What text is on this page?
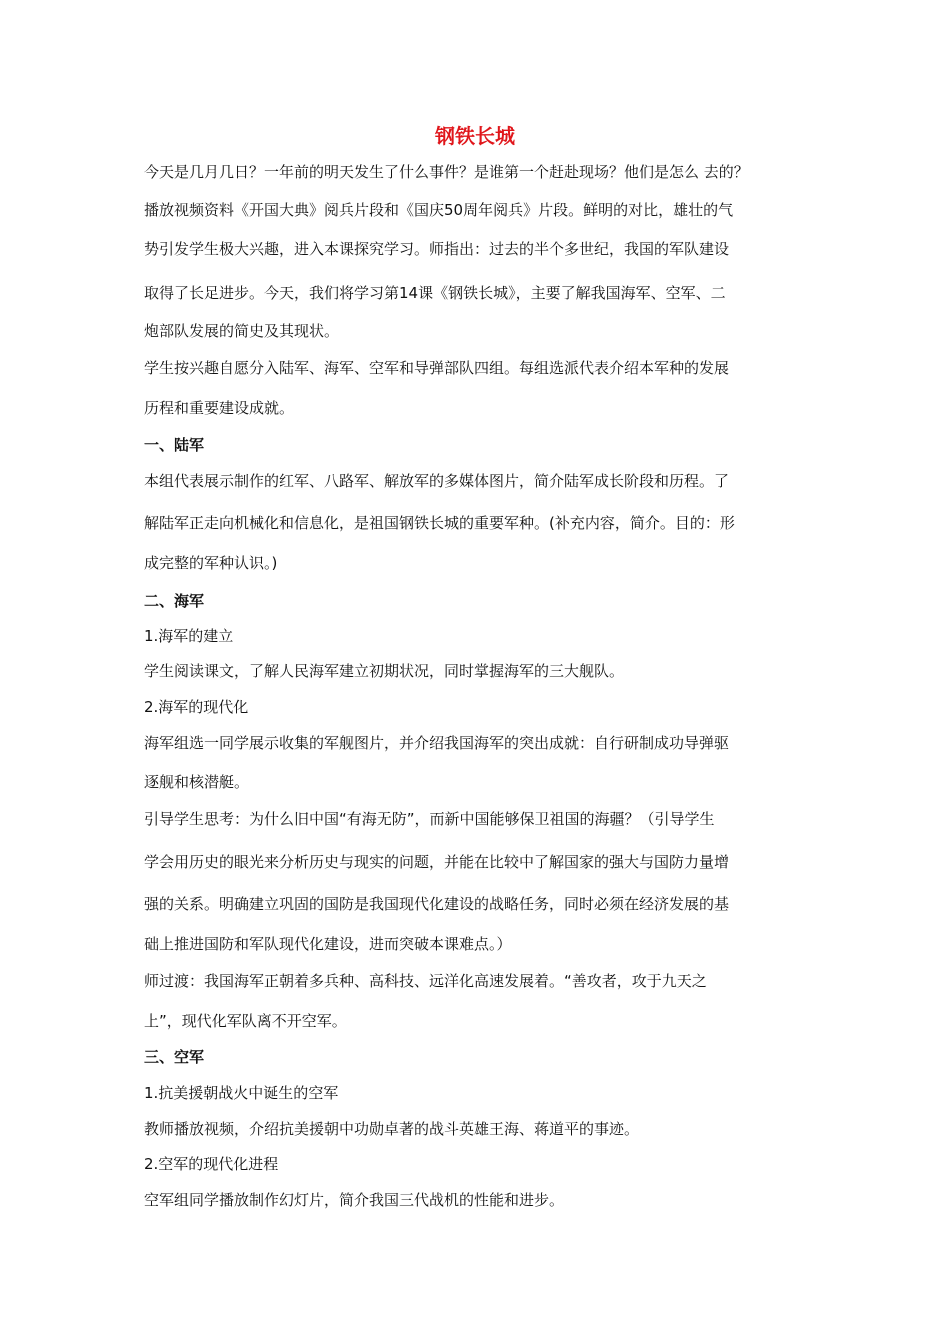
钢铁长城

今天是几月几日？一年前的明天发生了什么事件？是谁第一个赶赴现场？他们是怎么 去的？

播放视频资料《开国大典》阅兵片段和《国庆50周年阅兵》片段。鲜明的对比，雄壮的气

势引发学生极大兴趣，进入本课探究学习。师指出：过去的半个多世纪，我国的军队建设

取得了长足进步。今天，我们将学习第14课《钢铁长城》，主要了解我国海军、空军、二

炮部队发展的简史及其现状。

学生按兴趣自愿分入陆军、海军、空军和导弹部队四组。每组选派代表介绍本军种的发展

历程和重要建设成就。

一、陆军

本组代表展示制作的红军、八路军、解放军的多媒体图片，简介陆军成长阶段和历程。了

解陆军正走向机械化和信息化，是祖国钢铁长城的重要军种。(补充内容，简介。目的：形

成完整的军种认识。)

二、海军

1.海军的建立

学生阅读课文，了解人民海军建立初期状况，同时掌握海军的三大舰队。

2.海军的现代化

海军组选一同学展示收集的军舰图片，并介绍我国海军的突出成就：自行研制成功导弹驱

逐舰和核潜艇。

引导学生思考：为什么旧中国“有海无防”，而新中国能够保卫祖国的海疆？（引导学生

学会用历史的眼光来分析历史与现实的问题，并能在比较中了解国家的强大与国防力量增

强的关系。明确建立巩固的国防是我国现代化建设的战略任务，同时必须在经济发展的基

础上推进国防和军队现代化建设，进而突破本课难点。）

师过渡：我国海军正朝着多兵种、高科技、远洋化高速发展着。“善攻者，攻于九天之

上”，现代化军队离不开空军。

三、空军

1.抗美援朝战火中诞生的空军

教师播放视频，介绍抗美援朝中功勋卓著的战斗英雄王海、蒋道平的事迹。

2.空军的现代化进程

空军组同学播放制作幻灯片，简介我国三代战机的性能和进步。
